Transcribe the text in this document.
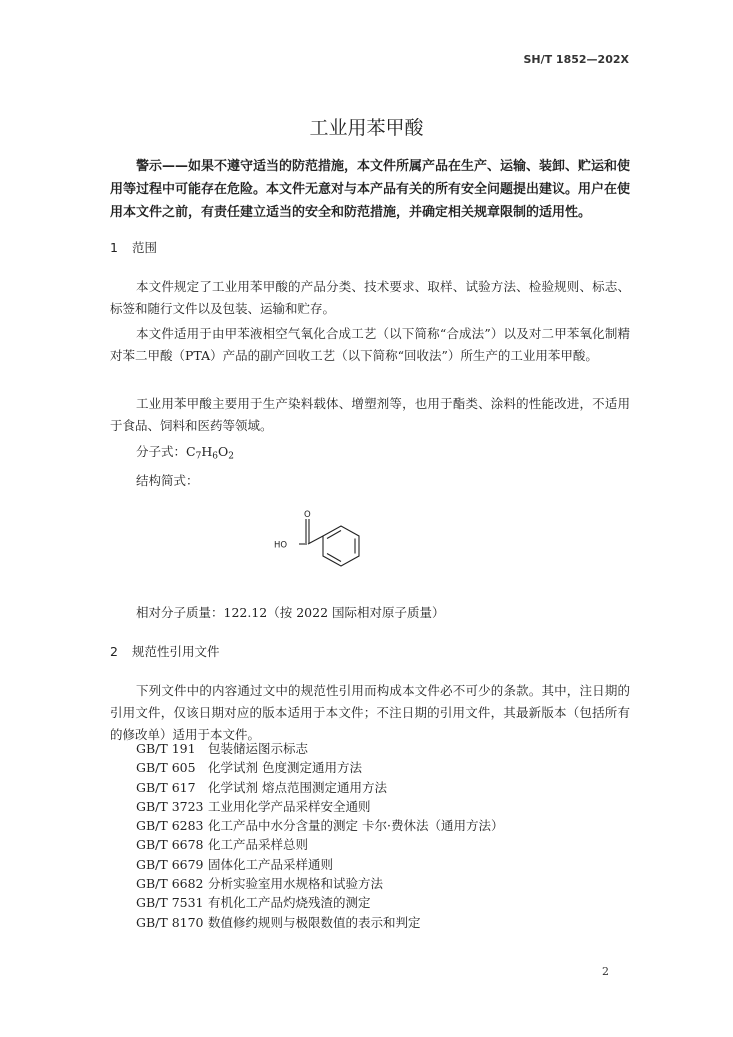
SH/T 1852—202X
工业用苯甲酸
警示——如果不遵守适当的防范措施，本文件所属产品在生产、运输、装卸、贮运和使用等过程中可能存在危险。本文件无意对与本产品有关的所有安全问题提出建议。用户在使用本文件之前，有责任建立适当的安全和防范措施，并确定相关规章限制的适用性。
1 范围
本文件规定了工业用苯甲酸的产品分类、技术要求、取样、试验方法、检验规则、标志、标签和随行文件以及包装、运输和贮存。
本文件适用于由甲苯液相空气氧化合成工艺（以下简称“合成法”）以及对二甲苯氧化制精对苯二甲酸（PTA）产品的副产回收工艺（以下简称“回收法”）所生产的工业用苯甲酸。
工业用苯甲酸主要用于生产染料载体、增塑剂等，也用于酯类、涂料的性能改进，不适用于食品、饲料和医药等领域。
分子式：$C_7H_6O_2$
结构简式：
HO
O
相对分子质量：122.12（按 2022 国际相对原子质量）
2 规范性引用文件
下列文件中的内容通过文中的规范性引用而构成本文件必不可少的条款。其中，注日期的引用文件，仅该日期对应的版本适用于本文件；不注日期的引用文件，其最新版本（包括所有的修改单）适用于本文件。
GB/T 191 包装储运图示标志
GB/T 605 化学试剂 色度测定通用方法
GB/T 617 化学试剂 熔点范围测定通用方法
GB/T 3723 工业用化学产品采样安全通则
GB/T 6283 化工产品中水分含量的测定 卡尔·费休法（通用方法）
GB/T 6678 化工产品采样总则
GB/T 6679 固体化工产品采样通则
GB/T 6682 分析实验室用水规格和试验方法
GB/T 7531 有机化工产品灼烧残渣的测定
GB/T 8170 数值修约规则与极限数值的表示和判定
2
